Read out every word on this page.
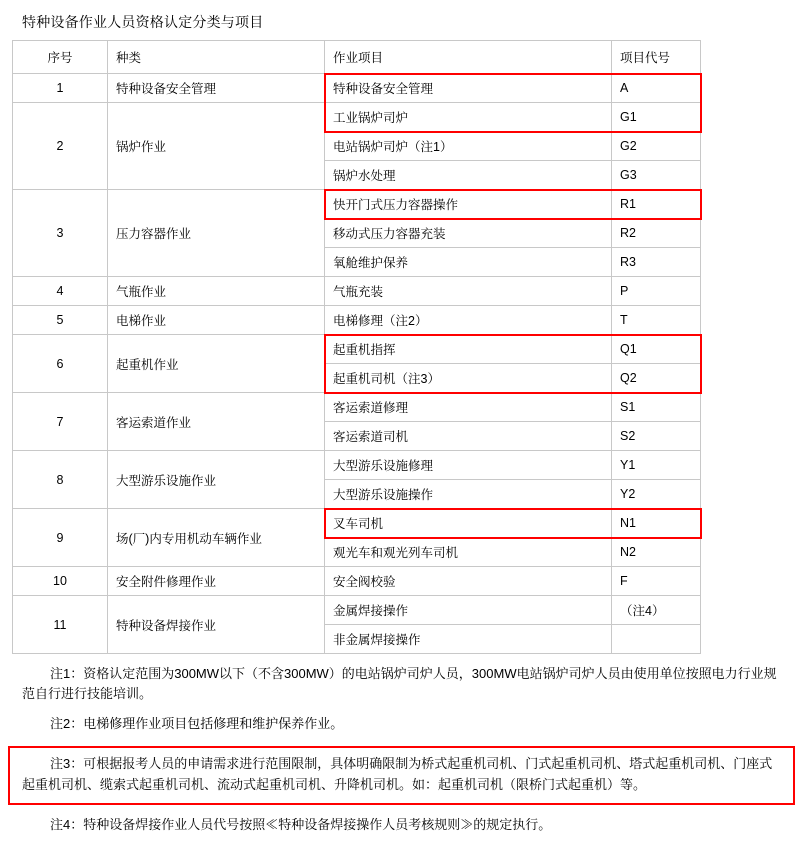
特种设备作业人员资格认定分类与项目
序号	种类	作业项目	项目代号
1	特种设备安全管理	特种设备安全管理	A
2	锅炉作业	工业锅炉司炉	G1
		电站锅炉司炉（注1）	G2
		锅炉水处理	G3
3	压力容器作业	快开门式压力容器操作	R1
		移动式压力容器充装	R2
		氧舱维护保养	R3
4	气瓶作业	气瓶充装	P
5	电梯作业	电梯修理（注2）	T
6	起重机作业	起重机指挥	Q1
		起重机司机（注3）	Q2
7	客运索道作业	客运索道修理	S1
		客运索道司机	S2
8	大型游乐设施作业	大型游乐设施修理	Y1
		大型游乐设施操作	Y2
9	场(厂)内专用机动车辆作业	叉车司机	N1
		观光车和观光列车司机	N2
10	安全附件修理作业	安全阀校验	F
11	特种设备焊接作业	金属焊接操作	（注4）
		非金属焊接操作	

注1：资格认定范围为300MW以下（不含300MW）的电站锅炉司炉人员，300MW电站锅炉司炉人员由使用单位按照电力行业规范自行进行技能培训。

注2：电梯修理作业项目包括修理和维护保养作业。

注3：可根据报考人员的申请需求进行范围限制，具体明确限制为桥式起重机司机、门式起重机司机、塔式起重机司机、门座式起重机司机、缆索式起重机司机、流动式起重机司机、升降机司机。如：起重机司机（限桥门式起重机）等。

注4：特种设备焊接作业人员代号按照≪特种设备焊接操作人员考核规则≫的规定执行。
